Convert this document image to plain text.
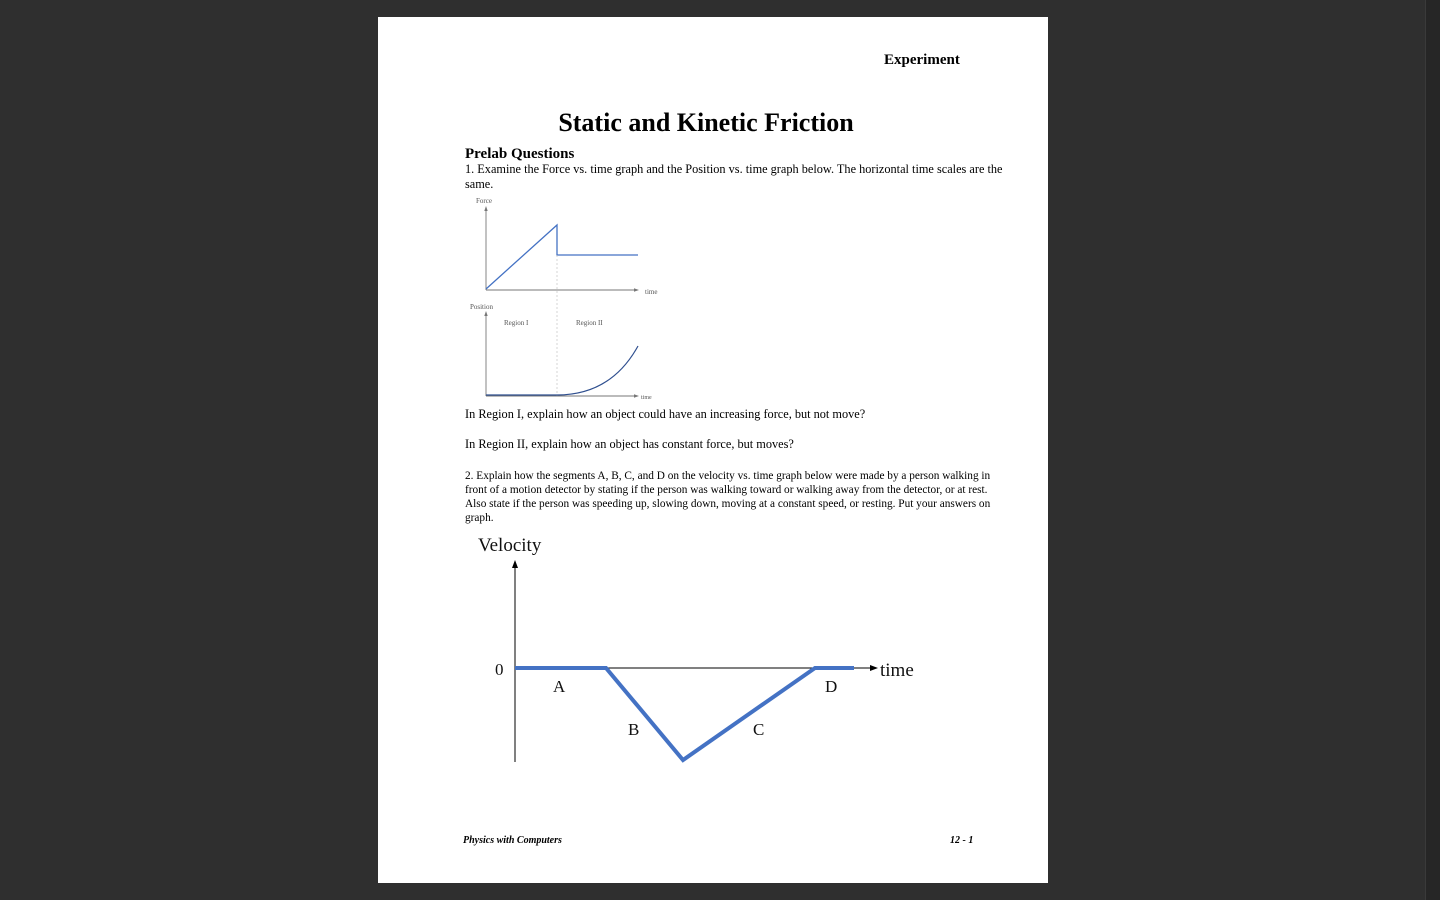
Experiment
Static and Kinetic Friction
Prelab Questions
1. Examine the Force vs. time graph and the Position vs. time graph below. The horizontal time scales are the same.
Force
time
Position
time
Region I	Region II
In Region I, explain how an object could have an increasing force, but not move?
In Region II, explain how an object has constant force, but moves?
2. Explain how the segments A, B, C, and D on the velocity vs. time graph below were made by a person walking in front of a motion detector by stating if the person was walking toward or walking away from the detector, or at rest. Also state if the person was speeding up, slowing down, moving at a constant speed, or resting. Put your answers on graph.
Velocity
time
0
A
B	C
D
Physics with Computers	12 - 1
